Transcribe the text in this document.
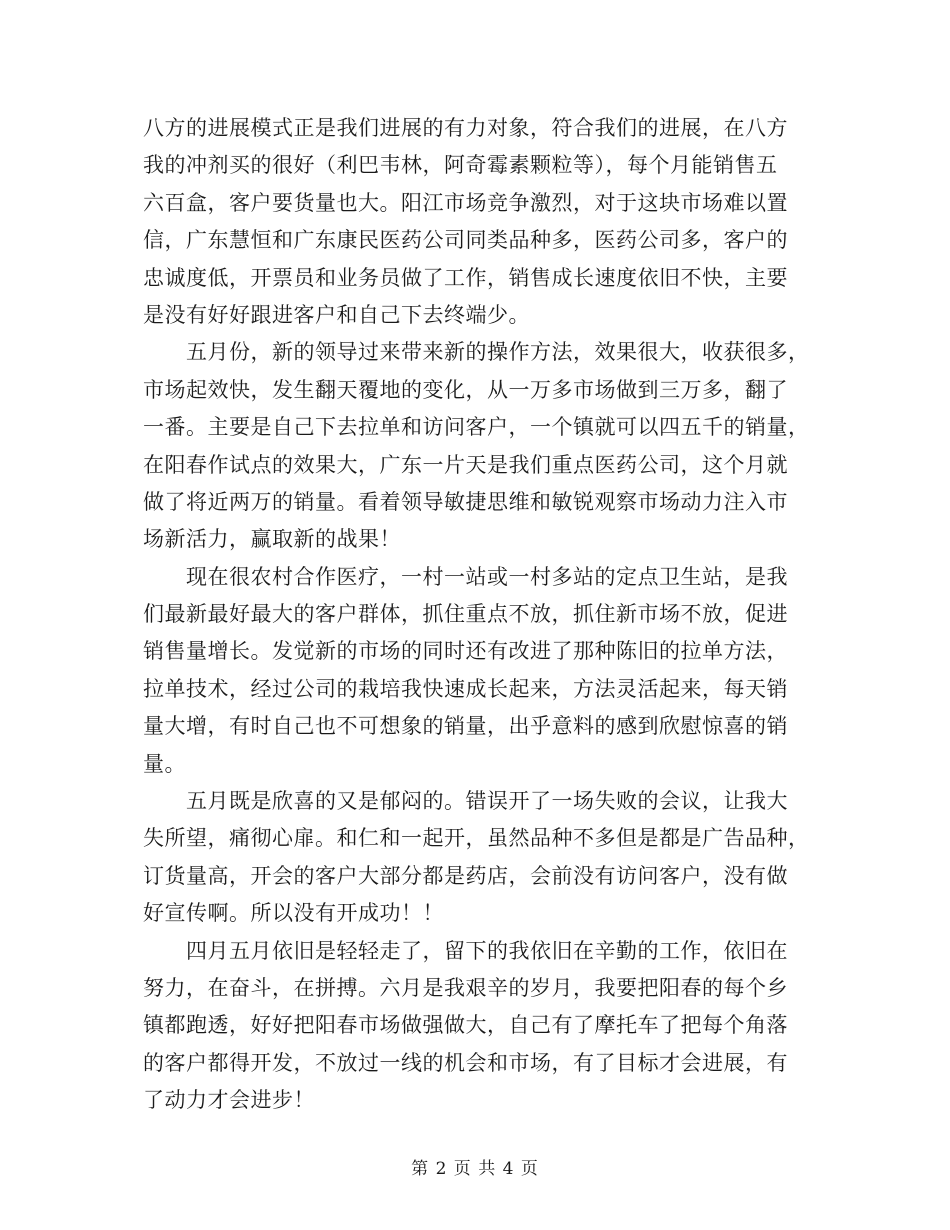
八方的进展模式正是我们进展的有力对象，符合我们的进展，在八方
我的冲剂买的很好（利巴韦林，阿奇霉素颗粒等），每个月能销售五
六百盒，客户要货量也大。阳江市场竞争激烈，对于这块市场难以置
信，广东慧恒和广东康民医药公司同类品种多，医药公司多，客户的
忠诚度低，开票员和业务员做了工作，销售成长速度依旧不快，主要
是没有好好跟进客户和自己下去终端少。
　　五月份，新的领导过来带来新的操作方法，效果很大，收获很多，
市场起效快，发生翻天覆地的变化，从一万多市场做到三万多，翻了
一番。主要是自己下去拉单和访问客户，一个镇就可以四五千的销量，
在阳春作试点的效果大，广东一片天是我们重点医药公司，这个月就
做了将近两万的销量。看着领导敏捷思维和敏锐观察市场动力注入市
场新活力，赢取新的战果！
　　现在很农村合作医疗，一村一站或一村多站的定点卫生站，是我
们最新最好最大的客户群体，抓住重点不放，抓住新市场不放，促进
销售量增长。发觉新的市场的同时还有改进了那种陈旧的拉单方法，
拉单技术，经过公司的栽培我快速成长起来，方法灵活起来，每天销
量大增，有时自己也不可想象的销量，出乎意料的感到欣慰惊喜的销
量。
　　五月既是欣喜的又是郁闷的。错误开了一场失败的会议，让我大
失所望，痛彻心扉。和仁和一起开，虽然品种不多但是都是广告品种，
订货量高，开会的客户大部分都是药店，会前没有访问客户，没有做
好宣传啊。所以没有开成功！！
　　四月五月依旧是轻轻走了，留下的我依旧在辛勤的工作，依旧在
努力，在奋斗，在拼搏。六月是我艰辛的岁月，我要把阳春的每个乡
镇都跑透，好好把阳春市场做强做大，自己有了摩托车了把每个角落
的客户都得开发，不放过一线的机会和市场，有了目标才会进展，有
了动力才会进步！
第 2 页 共 4 页
